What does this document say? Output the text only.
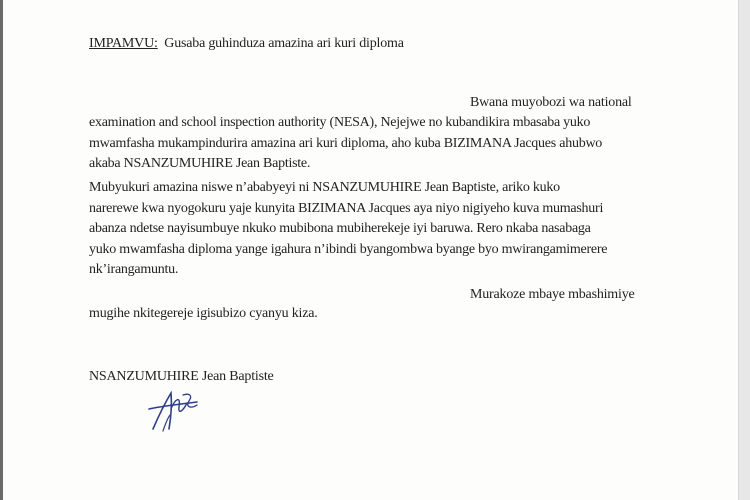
IMPAMVU: Gusaba guhinduza amazina ari kuri diploma
Bwana muyobozi wa national
examination and school inspection authority (NESA), Nejejwe no kubandikira mbasaba yuko
mwamfasha mukampindurira amazina ari kuri diploma, aho kuba BIZIMANA Jacques ahubwo
akaba NSANZUMUHIRE Jean Baptiste.
Mubyukuri amazina niswe n’ababyeyi ni NSANZUMUHIRE Jean Baptiste, ariko kuko
narerewe kwa nyogokuru yaje kunyita BIZIMANA Jacques aya niyo nigiyeho kuva mumashuri
abanza ndetse nayisumbuye nkuko mubibona mubiherekeje iyi baruwa. Rero nkaba nasabaga
yuko mwamfasha diploma yange igahura n’ibindi byangombwa byange byo mwirangamimerere
nk’irangamuntu.
Murakoze mbaye mbashimiye
mugihe nkitegereje igisubizo cyanyu kiza.
NSANZUMUHIRE Jean Baptiste
